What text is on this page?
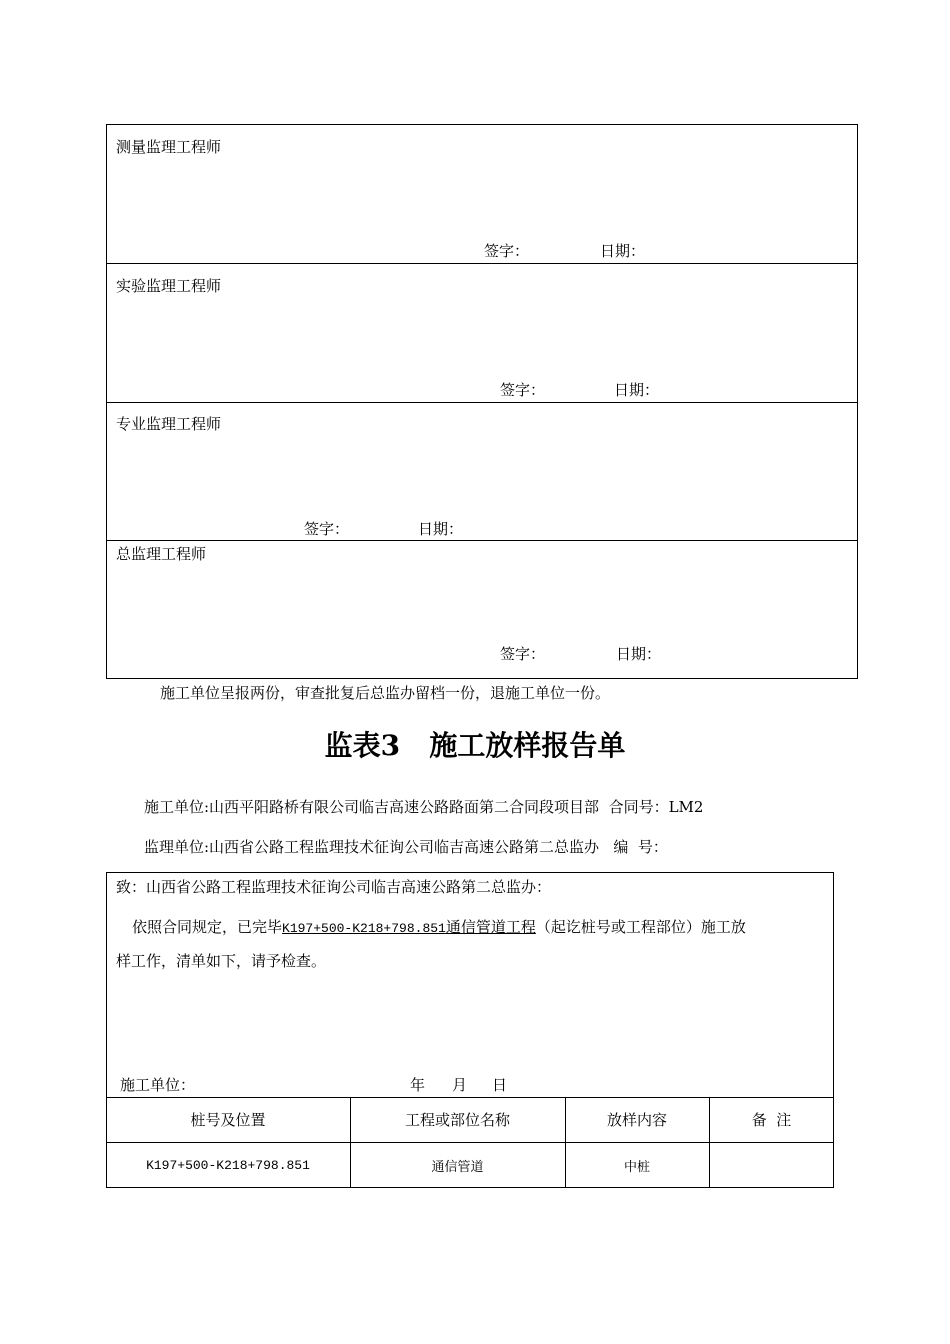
测量监理工程师
签字：	日期：
实验监理工程师
签字：	日期：
专业监理工程师
签字：	日期：
总监理工程师
签字：	日期：
施工单位呈报两份，审查批复后总监办留档一份，退施工单位一份。
监表3   施工放样报告单
施工单位:山西平阳路桥有限公司临吉高速公路路面第二合同段项目部  合同号：LM2
监理单位:山西省公路工程监理技术征询公司临吉高速公路第二总监办   编  号：
致：山西省公路工程监理技术征询公司临吉高速公路第二总监办：
依照合同规定，已完毕K197+500-K218+798.851通信管道工程（起讫桩号或工程部位）施工放
样工作，清单如下，请予检查。
施工单位：	年 月 日
桩号及位置	工程或部位名称	放样内容	备  注
K197+500-K218+798.851	通信管道	中桩
